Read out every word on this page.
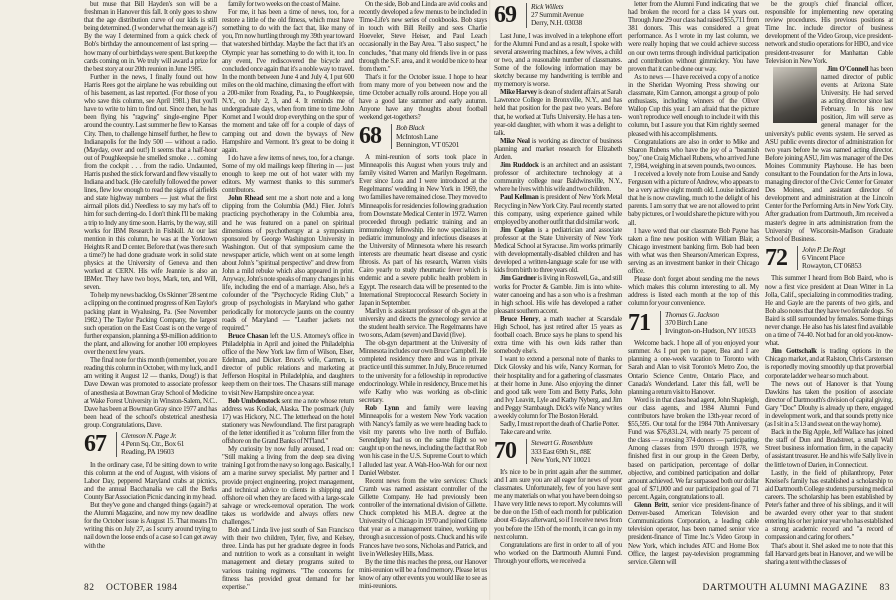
but muse that Bill Hayden's son will be a freshman in Hanover this fall. It only goes to show that the age distribution curve of our kids is still being determined. (I wonder what the mean age is?) By the way I determined from a quick check of Bob's birthday the announcement of last spring — how many of our birthdays were spent. But keep the cards coming on in. We truly will award a prize for the best story at our 20th reunion in June 1985.

Further in the news, I finally found out how Harris Rees got the airplane he was rebuilding out of his basement, as last reported. (For those of you who save this column, see April 1981.) But you'll have to write to him to find out. Since then, he has been flying his "ragwing" single-engine Piper around the country. Last summer he flew to Kansas City. Then, to challenge himself further, he flew to Indianapolis for the Indy 500 — without a radio. (Mayday, over and out!) It seems that a half-hour out of Poughkeepsie he smelled smoke . . . coming from the cockpit . . . from the radio. Undaunted, Harris pushed the stick forward and flew visually to Indiana and back. (He carefully followed the power lines, flew low enough to read the signs of airfields and state highway numbers — just what the first airmail pilots did.) Needless to say my hat's off to him for such derring-do. I don't think I'll be making a trip to Indy any time soon. Harris, by the way, still works for IBM Research in Fishkill. At our last mention in this column, he was at the Yorktown Heights R and D center. Before that (was there such a time?) he had done graduate work in solid state physics at the University of Geneva and then worked at CERN. His wife Jeannie is also an IBMer. They have two boys, Mark, ten, and Will, seven.

To help my news backlog, Os Skinner '28 sent me a clipping on the continued progress of Ken Taylor's packing plant in Wyalusing, Pa. (See November 1982.) The Taylor Packing Company, the largest such operation on the East Coast is on the verge of further expansion, planning a $9-million addition to the plant, and allowing for another 100 employees over the next few years.

The final note for this month (remember, you are reading this column in October, with my luck, and I am writing it August 12 — thanks, Doug!) is that Dave Dewan was promoted to associate professor of anesthesia at Bowman Gray School of Medicine at Wake Forest University in Winston-Salem, N.C.. Dave has been at Bowman Gray since 1977 and has been head of the school's obstetrical anesthesia group. Congratulations, Dave.

67	Clemson N. Page Jr.
4 Penn Sq. Ctr., Box 61
Reading, PA 19603

In the ordinary case, I'd be sitting down to write this column at the end of August, with visions of Labor Day, peppered Maryland crabs at picnics, and the annual Bacchanalia we call the Berks County Bar Association Picnic dancing in my head.

But they've gone and changed things (again?) at the Alumni Magazine, and now my new deadline for the October issue is August 15. That means I'm writing this on July 27, as I scurry around trying to nail down the loose ends of a case so I can get away with the

family for two weeks on the coast of Maine.

For me, it has been a time of news, too, for a restore a little of the old fitness, which must have something to do with the fact that, like many of you, I'm now hurtling through my 39th year toward that watershed birthday. Maybe the fact that it's an Olympic year has something to do with it, too. In any event, I've rediscovered the bicycle and concluded once again that it's a noble way to travel. In the month between June 4 and July 4, I put 600 miles on the old machine, climaxing the effort with a 200-miler from Reading, Pa., to Poughkeepsie, N.Y., on July 2, 3, and 4. It reminds me of undergraduate days, when from time to time John Kornet and I would drop everything on the spur of the moment and take off for a couple of days of camping out and down the byways of New Hampshire and Vermont. It's great to be doing it again.

I do have a few items of news, too, for a change. Some of my old mailings keep filtering in — just enough to keep me out of hot water with my editors. My warmest thanks to this summer's contributors.

John Rhead sent me a short note and a long clipping from the Columbia (Md.) Flier. John's practicing psychotherapy in the Columbia area, and he was featured on a panel on spiritual dimensions of psychotherapy at a symposium sponsored by George Washington University in Washington. Out of that symposium came the newspaper article, which went on at some length about John's "spiritual perspective" and drew from John a mild rebuke which also appeared in print. Anyway, John's note speaks of many changes in his life, including the end of a marriage. Also, he's a cofounder of the "Psychocycle Riding Club," a group of psychologists in Maryland who gather periodically for motorcycle jaunts on the country roads of Maryland — "Leather jackets not required."

Bruce Chasan left the U.S. Attorney's office in Philadelphia in April and joined the Philadelphia office of the New York law firm of Wilson, Elser, Edelman, and Dicker. Bruce's wife, Carmen, is director of public relations and marketing at Jefferson Hospital in Philadelphia, and daughters keep them on their toes. The Chasans still manage to visit New Hampshire once a year.

Bob Umbdenstock sent me a note whose return address was Kodiak, Alaska. The postmark (July 17) was Hickory, N.C. The letterhead on the hotel stationery was Newfoundland. The first paragraph of the letter identified it as "column filler from the offshore on the Grand Banks of N'f'land."

My curiosity by now fully aroused, I read on: "Still making a living from the deep sea diving training I got from the navy so long ago. Basically, I am a marine survey specialist. My partner and I provide project engineering, project management, and technical advice to clients in shipping and offshore oil when they are faced with a large-scale salvage or wreck-removal operation. The work takes us worldwide and always offers new challenges."

Bob and Linda live just south of San Francisco with their two children, Tyler, five, and Kelsey, three. Linda has put her graduate degree in foods and nutrition to work as a consultant in weight management and dietary programs suited to various training regimens. "The concerns for fitness has provided great demand for her expertise."

On the side, Bob and Linda are avid cooks and recently developed a few menus to be included in Time-Life's new series of cookbooks. Bob stays in touch with Bill Reilly and sees Charlie Hoeveler, Steve Heiser, and Paul Leach occasionally in the Bay Area. "I also suspect," he concludes, "that many old friends live in or pass through the S.F. area, and it would be nice to hear from them."

That's it for the October issue. I hope to hear from many more of you between now and the time October actually rolls around. Hope you all have a good late summer and early autumn. Anyone have any thoughts about football weekend get-togethers?

68	Bob Black
McIntosh Lane
Bennington, VT 05201

A mini-reunion of sorts took place in Minneapolis this August when yours truly and family visited Warren and Marilyn Regelmann. Ever since Lora and I were introduced at the Regelmanns' wedding in New York in 1969, the two families have remained close. They moved to Minneapolis for residencies following graduation from Downstate Medical Center in 1972. Warren proceeded through pediatric training and an immunology fellowship. He now specializes in pediatric immunology and infectious diseases at the University of Minnesota where his research interests are rheumatic heart disease and cystic fibrosis. As part of his research, Warren visits Cairo yearly to study rheumatic fever which is endemic and a severe public health problem in Egypt. The research data will be presented to the International Streptococcal Research Society in Japan in September.

Marilyn is assistant professor of ob-gyn at the university and directs the gynecology service at the student health service. The Regelmanns have two sons, Adam (seven) and David (five).

The ob-gyn department at the University of Minnesota includes our own Bruce Campbell. He completed residency there and was in private practice until this summer. In July, Bruce returned to the university for a fellowship in reproductive endocrinology. While in residency, Bruce met his wife Kathy who was working as ob-clinic secretary.

Rob Lynn and family were leaving Minneapolis for a western New York vacation with Nancy's family as we were heading back to visit my parents who live north of Buffalo. Serendipity had us on the same flight so we caught up on the news, including the fact that Rob won his case in the U.S. Supreme Court to which I alluded last year. A Wah-Hoo-Wah for our next Daniel Webster.

Recent news from the wire services: Chuck Cramb was named assistant controller of the Gillette Company. He had previously been controller of the international division of Gillette. Chuck completed his M.B.A. degree at the University of Chicago in 1970 and joined Gillette that year as a management trainee, working up through a succession of posts. Chuck and his wife Frances have two sons, Nicholas and Patrick, and live in Wellesley Hills, Mass.

By the time this reaches the press, our Hanover mini-reunion will be a fond memory. Please let us know of any other events you would like to see as mini-reunions.

69	Rick Willets
27 Summit Avenue
Derry, N.H. 03038

Last June, I was involved in a telephone effort for the Alumni Fund and as a result, I spoke with several answering machines, a few wives, a child or two, and a reasonable number of classmates. Some of the following information may be sketchy because my handwriting is terrible and my memory is worse.

Mike Harvey is dean of student affairs at Sarah Lawrence College in Bronxville, N.Y., and has held that position for the past two years. Before that, he worked at Tufts University. He has a ten-year-old daughter, with whom it was a delight to talk.

Mike Neal is working as director of business planning and market research for Elizabeth Arden.

Jim Ruddock is an architect and an assistant professor of architecture technology at a community college near Baldwinsville, N.Y., where he lives with his wife and two children.

Paul Kellman is president of New York Metal Recycling in New York City. Paul recently started this company, using experience gained while employed by another outfit that did similar work.

Jim Coplan is a pediatrician and associate professor at the State University of New York Medical School at Syracuse. Jim works primarily with developmentally-disabled children and has developed a written-language scale for use with kids from birth to three years old.

Jim Gardner is living in Roswell, Ga., and still works for Procter & Gamble. Jim is into white-water canoeing and has a son who is a freshman in high school. His wife has developed a rather pleasant southern accent.

Bruce Henry, a math teacher at Scarsdale High School, has just retired after 15 years as football coach. Bruce says he plans to spend his extra time with his own kids rather than somebody else's.

I want to extend a personal note of thanks to Dick Glovsky and his wife, Nancy Korman, for their hospitality and for a gathering of classmates at their home in June. Also enjoying the dinner and good talk were Tom and Betty Parks, John and Ivy Leavitt, Lyle and Kathy Nyberg, and Jim and Peggy Stambaugh. Dick's wife Nancy writes a weekly column for The Boston Herald.

Sadly, I must report the death of Charlie Potter.

Take care and write.

70	Stewart G. Rosenblum
333 East 69th St., #8E
New York, NY 10021

It's nice to be in print again after the summer, and I am sure you are all eager for news of your classmates. Unfortunately, few of you have sent me any materials on what you have been doing so I have very little news to report. My columns will be due on the 15th of each month for publication about 45 days afterward, so if I receive news from you before the 15th of the month, it can go in my next column.

Congratulations are first in order to all of you who worked on the Dartmouth Alumni Fund. Through your efforts, we received a

letter from the Alumni Fund indicating that we had broken the record for a class 14 years out. Through June 29 our class had raised $55,711 from 381 donors. This was considered a great performance. As I wrote in my last column, we were really hoping that we could achieve success on our own terms through individual participation and contribution without gimmickry. You have proven that it can be done our way.

As to news — I have received a copy of a notice in the Sheridan Wyoming Press showing our classmate, Kim Cannon, amongst a group of polo enthusiasts, including winners of the Oliver Wallop Cup this year. I am afraid that the picture won't reproduce well enough to include it with this column, but I assure you that Kim rightly seemed pleased with his accomplishments.

Congratulations are also in order to Mike and Sharon Rubens who have the joy of a "beamish boy," one Craig Michael Rubens, who arrived June 7, 1984, weighing in at seven pounds, two ounces.

I received a lovely note from Louise and Sandy Ferguson with a picture of Andrew, who appears to be a very active eight month old. Louise indicated that he is now crawling, much to the delight of his parents. I am sorry that we are not allowed to print baby pictures, or I would share the picture with you all.

I have word that our classmate Bob Payne has taken a fine new position with William Blair, a Chicago investment banking firm. Bob had been with what was then Shearson/American Express, serving as an investment banker in their Chicago office.

Please don't forget about sending me the news which makes this column interesting to all. My address is listed each month at the top of this column for your convenience.

71	Thomas G. Jackson
370 Birch Lane
Irvington-on-Hudson, NY 10533

Welcome back. I hope all of you enjoyed your summer. As I put pen to paper, Bea and I are planning a one-week vacation to Toronto with Sarah and Alan to visit Toronto's Metro Zoo, the Ontario Science Centre, Ontario Place, and Canada's Wonderland. Later this fall, we'll be planning a return visit to Hanover.

Word is in that class head agent, John Shapleigh, our class agents, and 1984 Alumni Fund contributors have broken the 13th-year record of $55,595. Our total for the 1984 70th Anniversary Fund was $76,831.24, with nearly 75 percent of the class — a rousing 374 donors — participating. Among classes from 1970 through 1978, we finished first in our group in the Green Derby, based on participation, percentage of dollar objective, and combined participation and dollar amount achieved. We far surpassed both our dollar goal of $71,000 and our participation goal of 71 percent. Again, congratulations to all.

Glenn Britt, senior vice president-finance of Denver-based American Television and Communications Corporation, a leading cable television operator, has been named senior vice president-finance of Time Inc.'s Video Group in New York, which includes ATC and Home Box Office, the largest pay-television programming service. Glenn will

be the group's chief financial officer, responsible for implementing new operating review procedures. His previous positions at Time Inc. include director of business development of the Video Group, vice president-network and studio operations for HBO, and vice president-treasurer for Manhattan Cable Television in New York.

Jim O'Connell has been named director of public events at Arizona State University. He had served as acting director since last February. In his new position, Jim will serve as general manager for the university's public events system. He served as ASU public events director of administration for two years before he was named acting director. Before joining ASU, Jim was manager of the Des Moines Community Playhouse. He has been consultant to the Foundation for the Arts in Iowa, managing director of the Civic Center for Greater Des Moines, and assistant director of development and administration at the Lincoln Center for the Performing Arts in New York City. After graduation from Dartmouth, Jim received a master's degree in arts administration from the University of Wisconsin-Madison Graduate School of Business.

72	John P. De Regt
6 Vincent Place
Rowayton, CT 06853

This summer I heard from Bob Baird, who is now a first vice president at Dean Witter in La Jolla, Calif., specializing in commodities trading. He and Gayle are the parents of two girls, and Bob also notes that they have two female dogs. So Baird is still surrounded by females. Some things never change. He also has his latest find available on a time of 74-40. Not bad for an old you-know-what.

Jim Gottschalk is trading options in the Chicago market, and at Ralston, Chris Carstensen is reportedly moving smoothly up that proverbial corporate ladder we hear so much about.

The news out of Hanover is that Young Dawkins has taken the position of associate director of Dartmouth's division of capital giving. Gary "Doc" Dlouhy is already up there, engaged in development work, and that sounds pretty nice (as I sit in a 5:13 and sweat on the way home).

Back in the Big Apple, Jeff Wallace has joined the staff of Dun and Bradstreet, a small Wall Street business information firm, in the capacity of assistant treasurer. He and his wife Sally live in the little town of Darien, in Connecticut.

Lastly, in the field of philanthropy, Peter Kneisel's family has established a scholarship to aid Dartmouth College students pursuing medical careers. The scholarship has been established by Peter's father and three of his siblings, and it will be awarded every other year to that student entering his or her junior year who has established a strong academic record and "a record of compassion and caring for others."

That's about it. Shel asked me to note that this fall Harvard gets beat in Hanover, and we will be sharing a tent with the classes of

82 OCTOBER 1984	DARTMOUTH ALUMNI MAGAZINE 83
